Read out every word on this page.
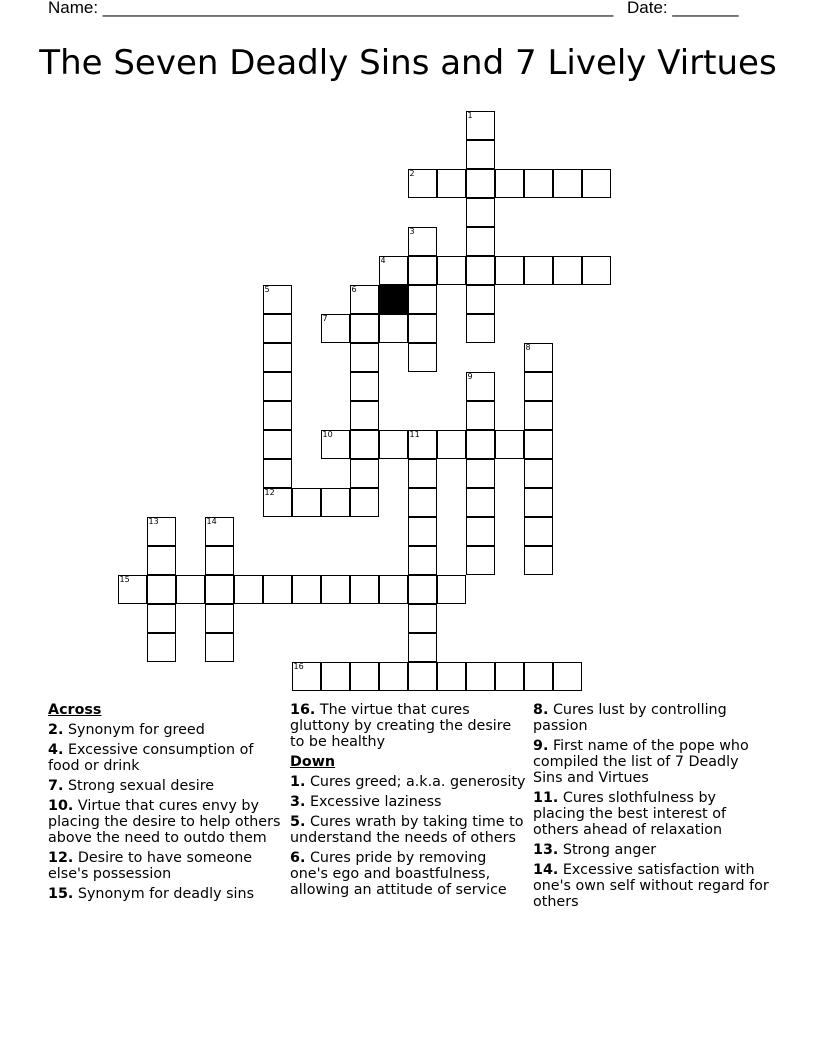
Name: ______________________________________________________ Date: _______
The Seven Deadly Sins and 7 Lively Virtues
2
4
7
10	11
12
15
16
1
3
5	6
8
9
13	14
Across
2. Synonym for greed
4. Excessive consumption of food or drink
7. Strong sexual desire
10. Virtue that cures envy by placing the desire to help others above the need to outdo them
12. Desire to have someone else's possession
15. Synonym for deadly sins
16. The virtue that cures gluttony by creating the desire to be healthy
Down
1. Cures greed; a.k.a. generosity
3. Excessive laziness
5. Cures wrath by taking time to understand the needs of others
6. Cures pride by removing one's ego and boastfulness, allowing an attitude of service
8. Cures lust by controlling passion
9. First name of the pope who compiled the list of 7 Deadly Sins and Virtues
11. Cures slothfulness by placing the best interest of others ahead of relaxation
13. Strong anger
14. Excessive satisfaction with one's own self without regard for others
